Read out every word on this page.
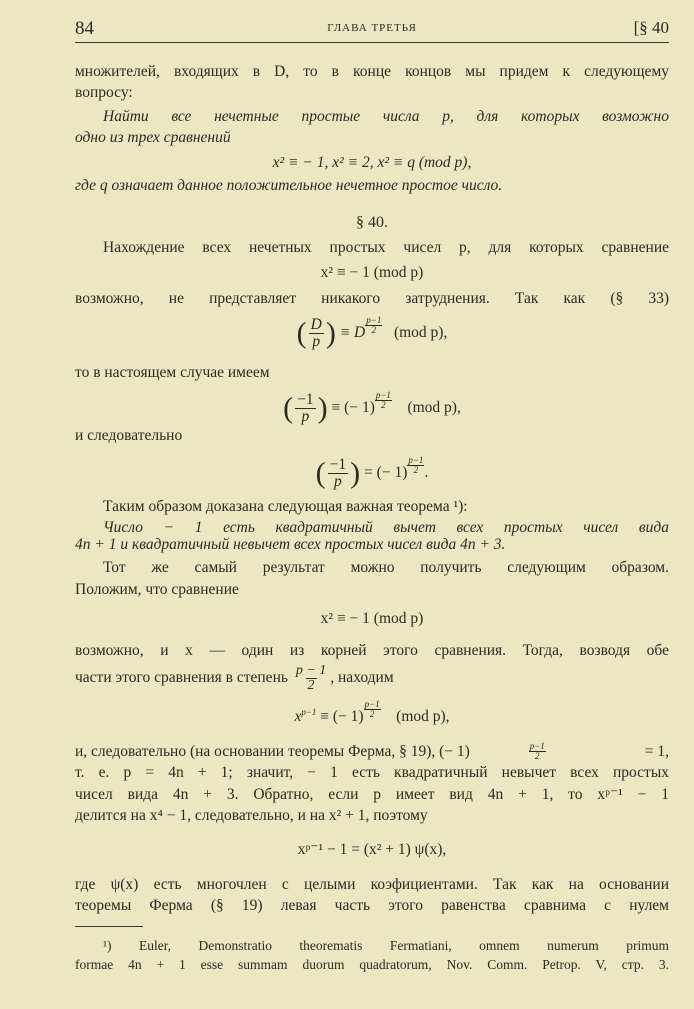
84	ГЛАВА ТРЕТЬЯ	[§ 40
множителей, входящих в D, то в конце концов мы придем к следующему
вопросу:
Найти все нечетные простые числа p, для которых возможно
одно из трех сравнений
x² ≡ − 1, x² ≡ 2, x² ≡ q (mod p),
где q означает данное положительное нечетное простое число.
§ 40.
Нахождение всех нечетных простых чисел p, для которых сравнение
x² ≡ − 1 (mod p)
возможно, не представляет никакого затруднения. Так как (§ 33)
( $\frac{D}{p}$ ) ≡ D $\frac{p-1}{2} (mod$ p),
то в настоящем случае имеем
( $\frac{-1}{p}$ ) ≡ (− $1) \frac{p-1}{2} (mod$ p),
и следовательно
( $\frac{-1}{p}$ ) = (− $1) \frac{p-1}{2}$ .
Таким образом доказана следующая важная теорема ¹):
Число − 1 есть квадратичный вычет всех простых чисел вида
4n + 1 и квадратичный невычет всех простых чисел вида 4n + 3.
Тот же самый результат можно получить следующим образом.
Положим, что сравнение
x² ≡ − 1 (mod p)
возможно, и x — один из корней этого сравнения. Тогда, возводя обе
части этого сравнения в степень $\frac{p - 1}{2}$ , находим
$x^{p-1}$ ≡ (− $1) \frac{p-1}{2} (mod$ p),
и, следовательно (на основании теоремы Ферма, § 19), (− 1)	$\frac{p-1}{2}$	= 1,
т. е. p = 4n + 1; значит, − 1 есть квадратичный невычет всех простых
чисел вида 4n + 3. Обратно, если p имеет вид 4n + 1, то xᵖ⁻¹ − 1
делится на x⁴ − 1, следовательно, и на x² + 1, поэтому
xᵖ⁻¹ − 1 = (x² + 1) ψ(x),
где ψ(x) есть многочлен с целыми коэфициентами. Так как на основании
теоремы Ферма (§ 19) левая часть этого равенства сравнима с нулем
¹) Euler, Demonstratio theorematis Fermatiani, omnem numerum primum
formae 4n + 1 esse summam duorum quadratorum, Nov. Comm. Petrop. V, стр. 3.
